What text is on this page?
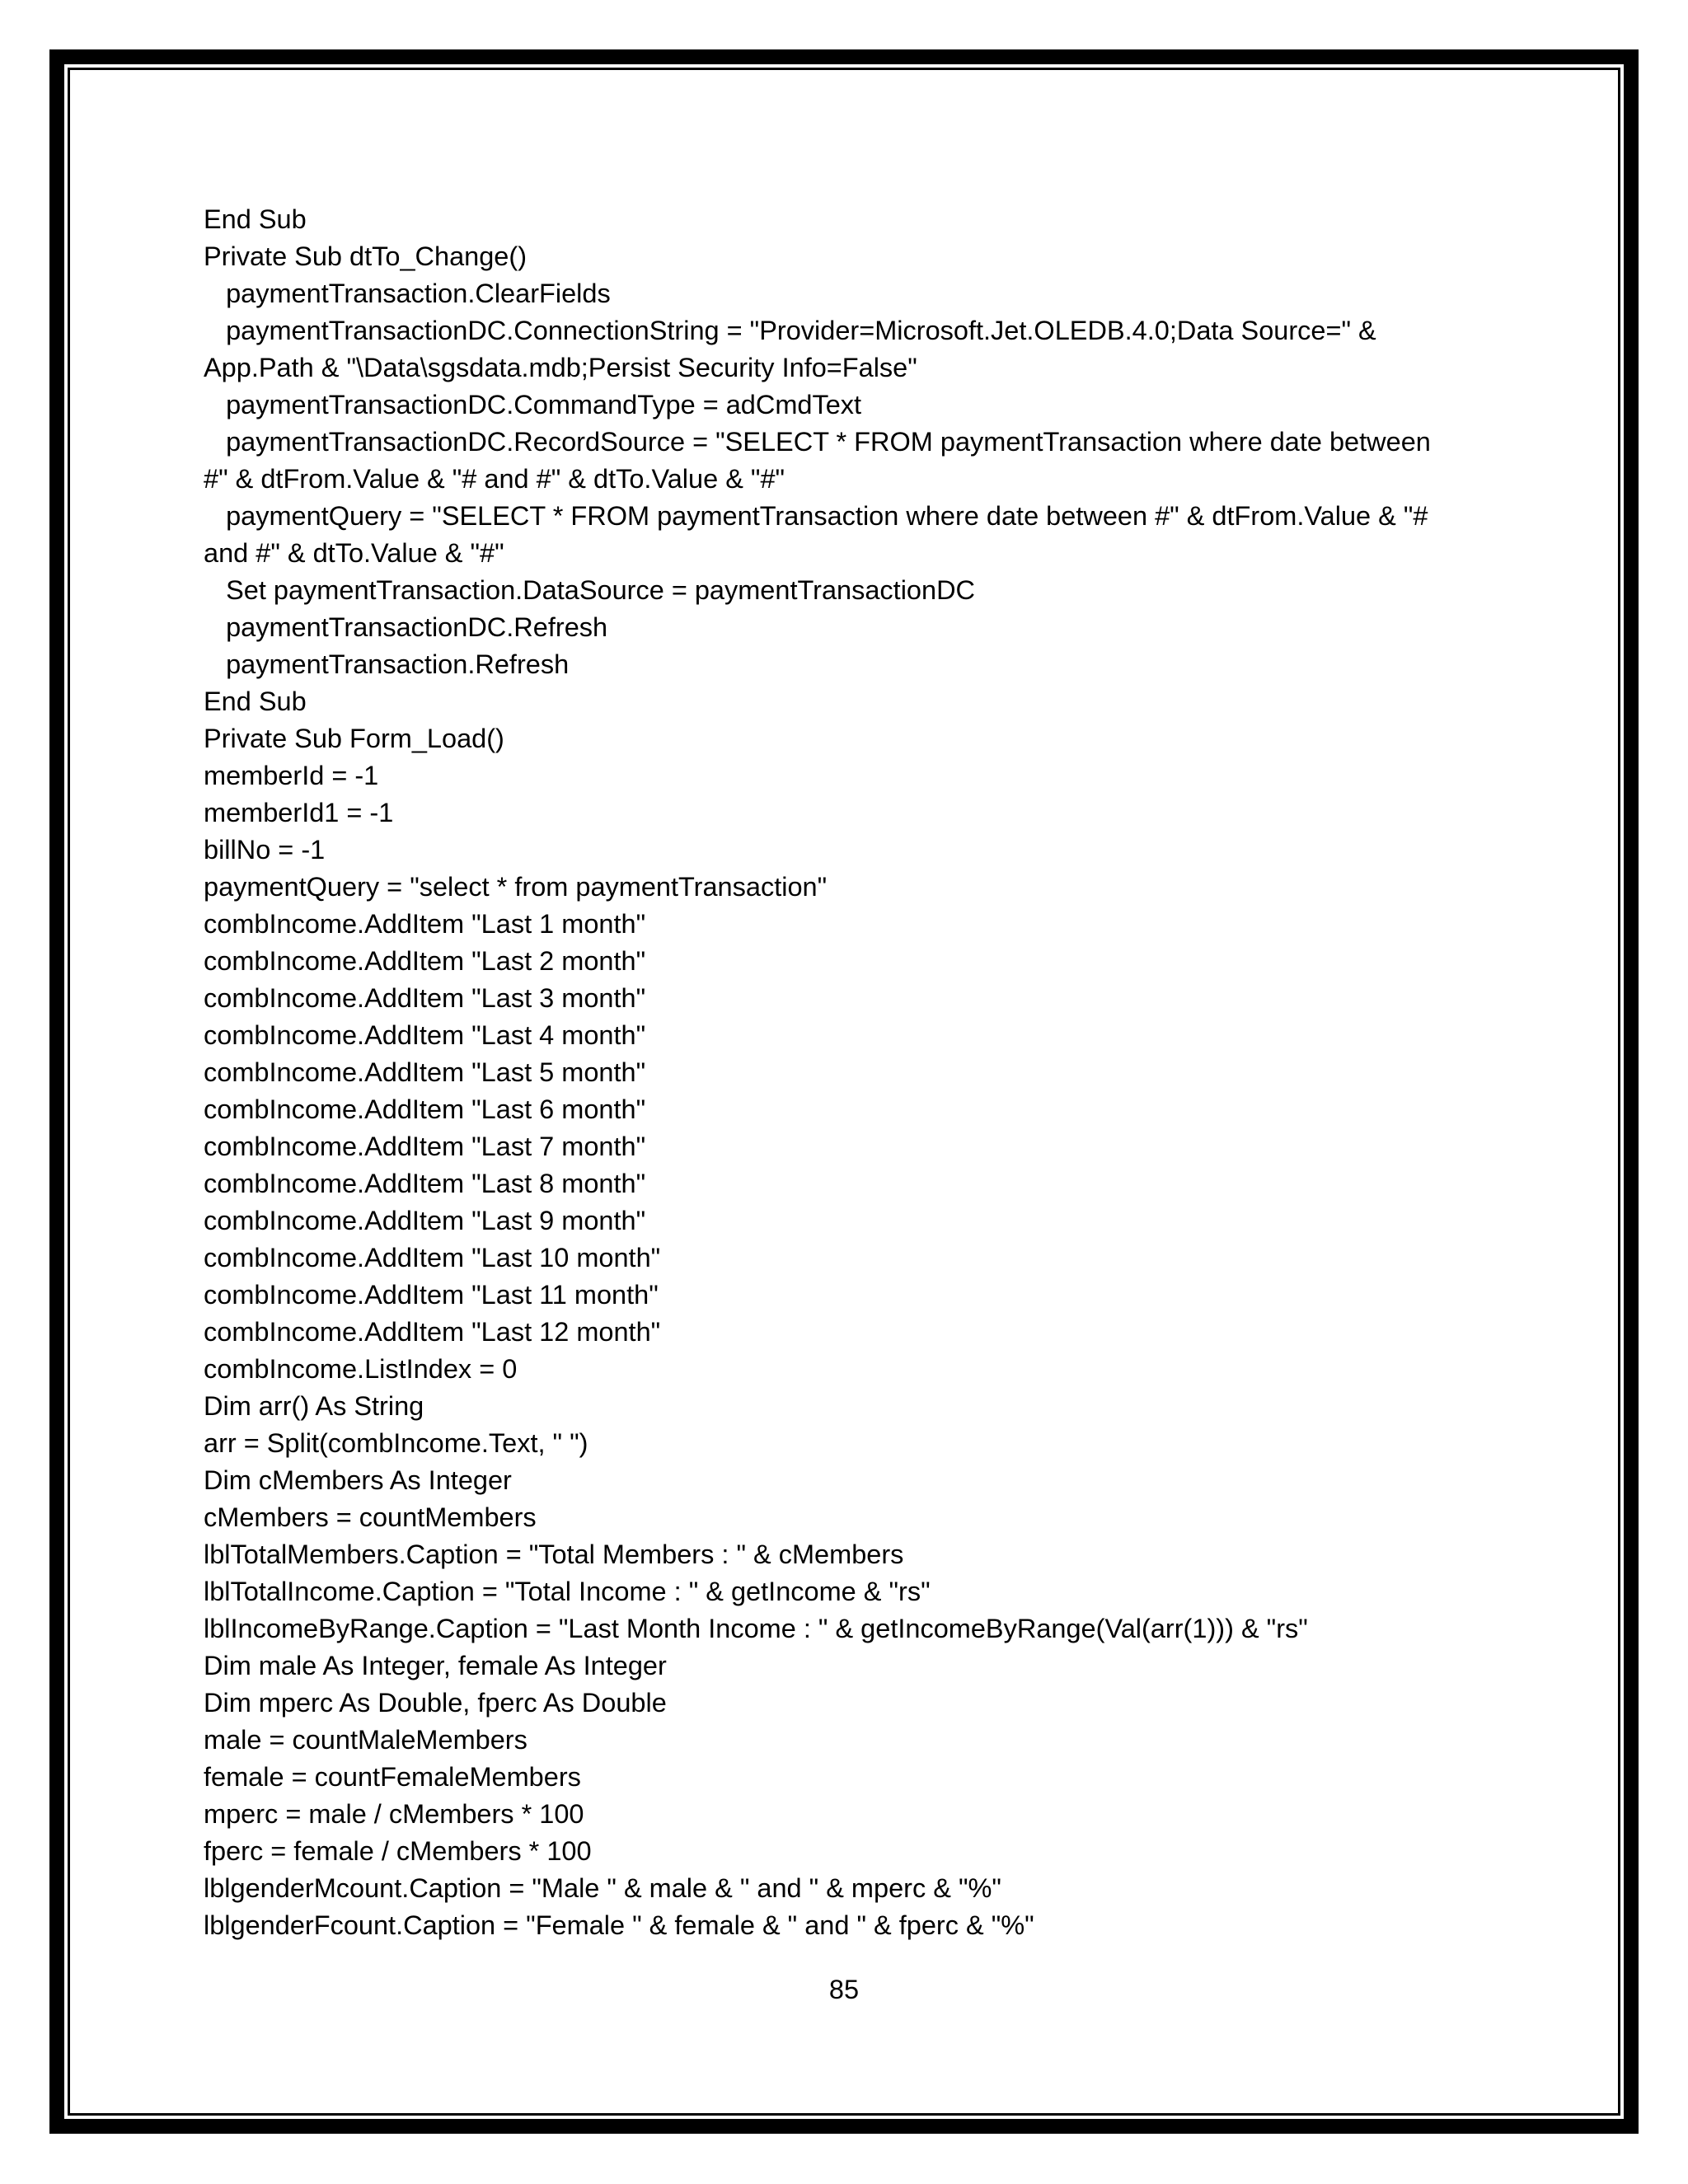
End Sub
Private Sub dtTo_Change()
paymentTransaction.ClearFields
paymentTransactionDC.ConnectionString = "Provider=Microsoft.Jet.OLEDB.4.0;Data Source=" &
App.Path & "\Data\sgsdata.mdb;Persist Security Info=False"
paymentTransactionDC.CommandType = adCmdText
paymentTransactionDC.RecordSource = "SELECT * FROM paymentTransaction where date between
#" & dtFrom.Value & "# and #" & dtTo.Value & "#"
paymentQuery = "SELECT * FROM paymentTransaction where date between #" & dtFrom.Value & "#
and #" & dtTo.Value & "#"
Set paymentTransaction.DataSource = paymentTransactionDC
paymentTransactionDC.Refresh
paymentTransaction.Refresh
End Sub
Private Sub Form_Load()
memberId = -1
memberId1 = -1
billNo = -1
paymentQuery = "select * from paymentTransaction"
combIncome.AddItem "Last 1 month"
combIncome.AddItem "Last 2 month"
combIncome.AddItem "Last 3 month"
combIncome.AddItem "Last 4 month"
combIncome.AddItem "Last 5 month"
combIncome.AddItem "Last 6 month"
combIncome.AddItem "Last 7 month"
combIncome.AddItem "Last 8 month"
combIncome.AddItem "Last 9 month"
combIncome.AddItem "Last 10 month"
combIncome.AddItem "Last 11 month"
combIncome.AddItem "Last 12 month"
combIncome.ListIndex = 0
Dim arr() As String
arr = Split(combIncome.Text, " ")
Dim cMembers As Integer
cMembers = countMembers
lblTotalMembers.Caption = "Total Members : " & cMembers
lblTotalIncome.Caption = "Total Income : " & getIncome & "rs"
lblIncomeByRange.Caption = "Last Month Income : " & getIncomeByRange(Val(arr(1))) & "rs"
Dim male As Integer, female As Integer
Dim mperc As Double, fperc As Double
male = countMaleMembers
female = countFemaleMembers
mperc = male / cMembers * 100
fperc = female / cMembers * 100
lblgenderMcount.Caption = "Male " & male & " and " & mperc & "%"
lblgenderFcount.Caption = "Female " & female & " and " & fperc & "%"
85
